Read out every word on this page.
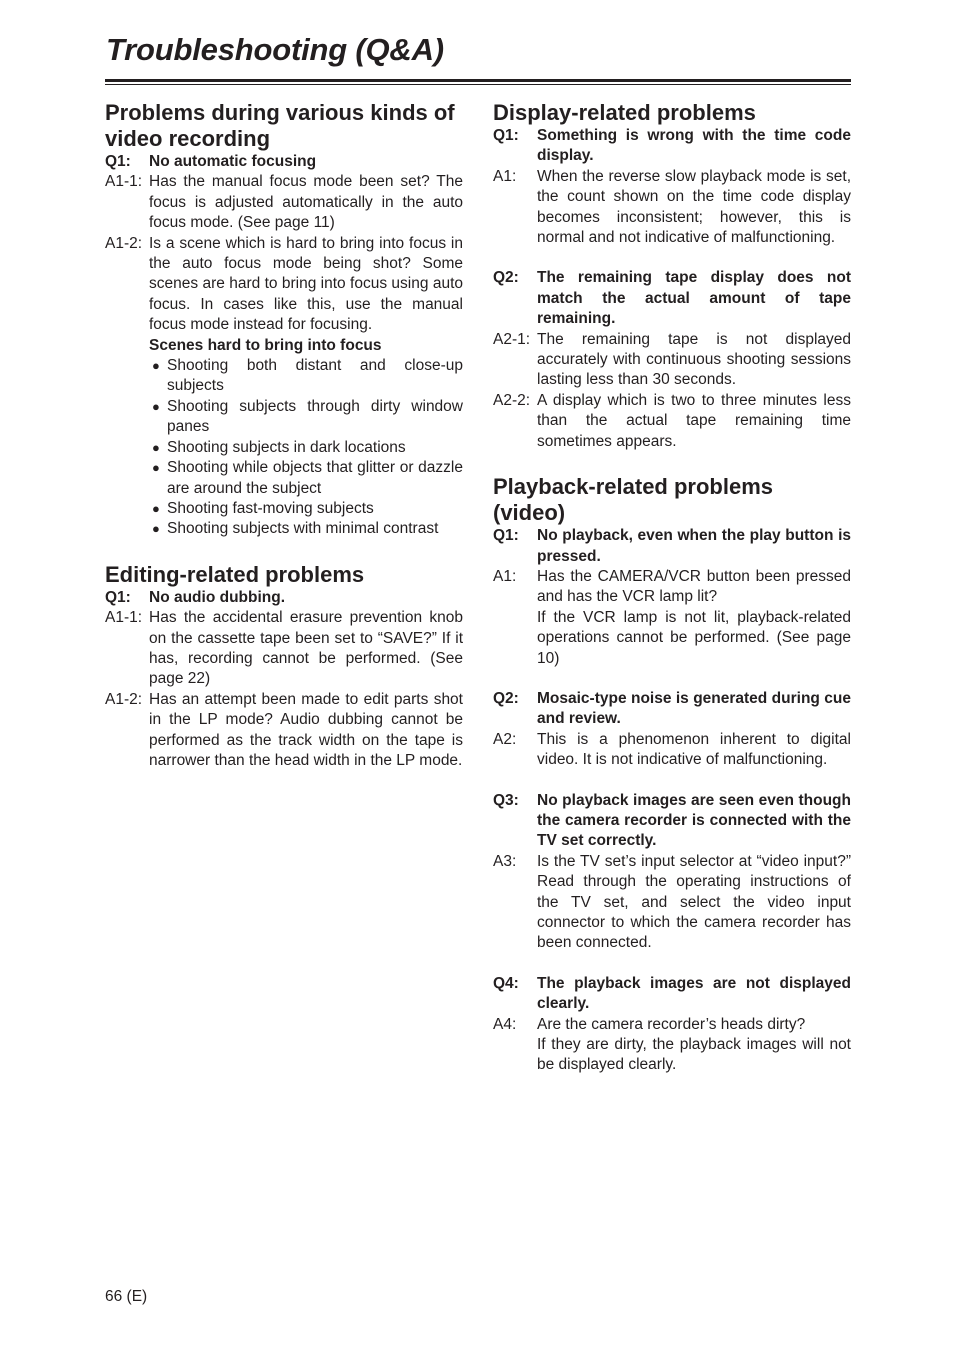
Troubleshooting (Q&A)
Problems during various kinds of video recording
Q1:	No automatic focusing
A1-1: Has the manual focus mode been set? The focus is adjusted automatically in the auto focus mode. (See page 11)
A1-2: Is a scene which is hard to bring into focus in the auto focus mode being shot? Some scenes are hard to bring into focus using auto focus. In cases like this, use the manual focus mode instead for focusing.
Scenes hard to bring into focus
● Shooting both distant and close-up subjects
● Shooting subjects through dirty window panes
● Shooting subjects in dark locations
● Shooting while objects that glitter or dazzle are around the subject
● Shooting fast-moving subjects
● Shooting subjects with minimal contrast
Editing-related problems
Q1:	No audio dubbing.
A1-1: Has the accidental erasure prevention knob on the cassette tape been set to “SAVE?” If it has, recording cannot be performed. (See page 22)
A1-2: Has an attempt been made to edit parts shot in the LP mode? Audio dubbing cannot be performed as the track width on the tape is narrower than the head width in the LP mode.
Display-related problems
Q1:	Something is wrong with the time code display.
A1:	When the reverse slow playback mode is set, the count shown on the time code display becomes inconsistent; however, this is normal and not indicative of malfunctioning.
Q2:	The remaining tape display does not match the actual amount of tape remaining.
A2-1: The remaining tape is not displayed accurately with continuous shooting sessions lasting less than 30 seconds.
A2-2: A display which is two to three minutes less than the actual tape remaining time sometimes appears.
Playback-related problems (video)
Q1:	No playback, even when the play button is pressed.
A1:	Has the CAMERA/VCR button been pressed and has the VCR lamp lit?
If the VCR lamp is not lit, playback-related operations cannot be performed. (See page 10)
Q2:	Mosaic-type noise is generated during cue and review.
A2:	This is a phenomenon inherent to digital video. It is not indicative of malfunctioning.
Q3:	No playback images are seen even though the camera recorder is connected with the TV set correctly.
A3:	Is the TV set’s input selector at “video input?” Read through the operating instructions of the TV set, and select the video input connector to which the camera recorder has been connected.
Q4:	The playback images are not displayed clearly.
A4:	Are the camera recorder’s heads dirty?
If they are dirty, the playback images will not be displayed clearly.
66 (E)
